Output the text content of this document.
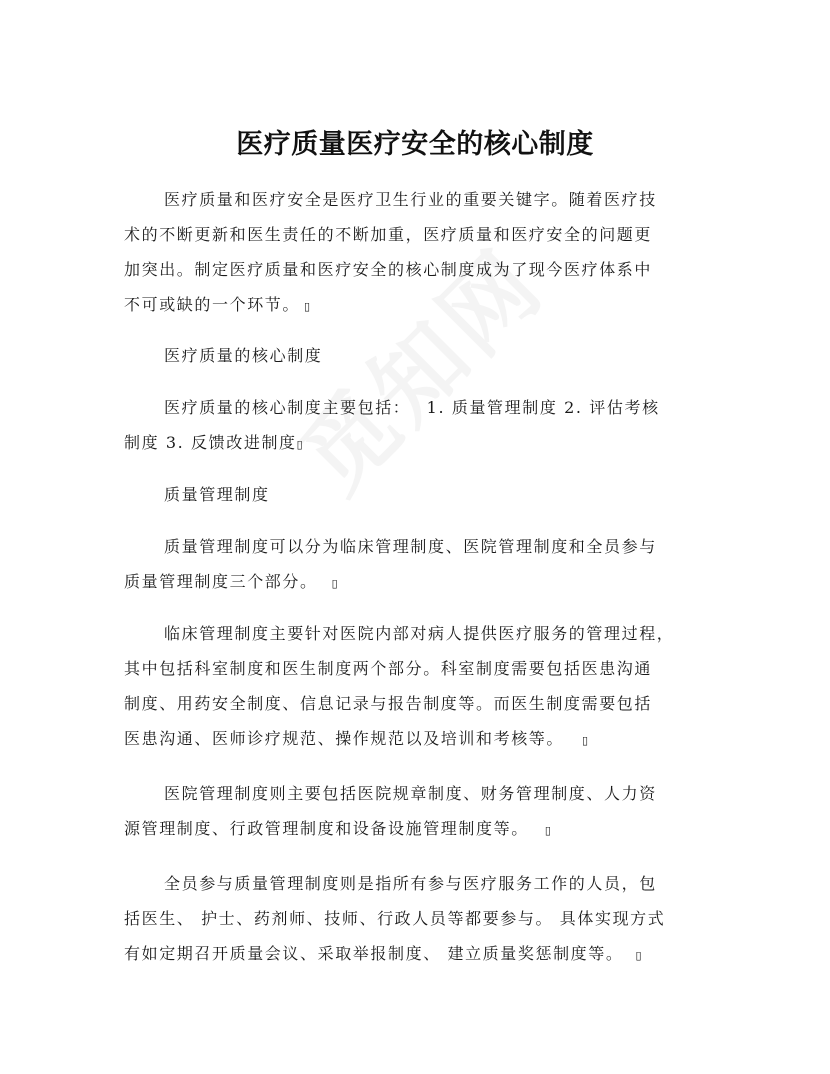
医疗质量医疗安全的核心制度
医疗质量和医疗安全是医疗卫生行业的重要关键字。随着医疗技
术的不断更新和医生责任的不断加重，医疗质量和医疗安全的问题更
加突出。制定医疗质量和医疗安全的核心制度成为了现今医疗体系中
不可或缺的一个环节。 ▯
医疗质量的核心制度
医疗质量的核心制度主要包括：　 1. 质量管理制度 2. 评估考核
制度 3. 反馈改进制度▯
质量管理制度
质量管理制度可以分为临床管理制度、医院管理制度和全员参与
质量管理制度三个部分。 ▯
临床管理制度主要针对医院内部对病人提供医疗服务的管理过程，
其中包括科室制度和医生制度两个部分。科室制度需要包括医患沟通
制度、用药安全制度、信息记录与报告制度等。而医生制度需要包括
医患沟通、医师诊疗规范、操作规范以及培训和考核等。 ▯
医院管理制度则主要包括医院规章制度、财务管理制度、人力资
源管理制度、行政管理制度和设备设施管理制度等。 ▯
全员参与质量管理制度则是指所有参与医疗服务工作的人员，包
括医生、 护士、药剂师、技师、行政人员等都要参与。 具体实现方式
有如定期召开质量会议、采取举报制度、 建立质量奖惩制度等。 ▯
